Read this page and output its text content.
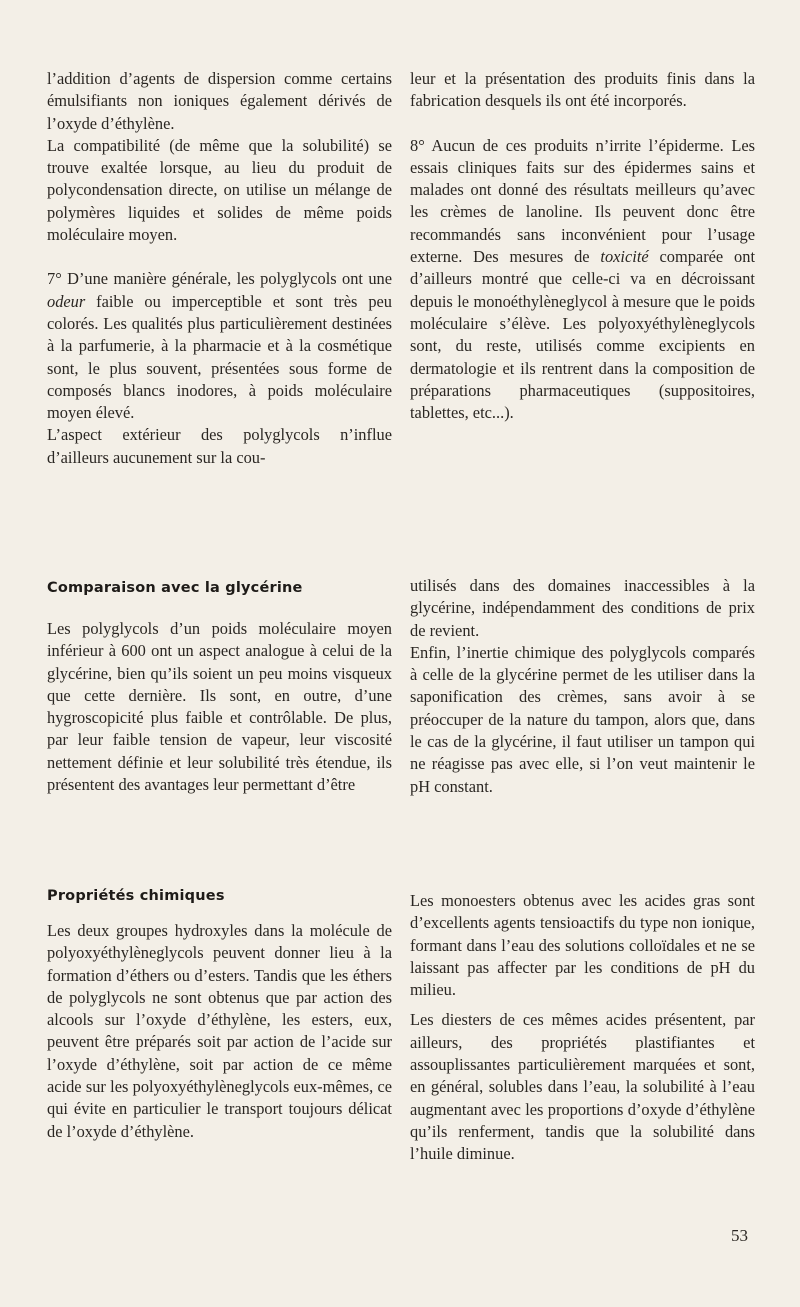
l’addition d’agents de dispersion comme certains émulsifiants non ioniques également dérivés de l’oxyde d’éthylène.

La compatibilité (de même que la solubilité) se trouve exaltée lorsque, au lieu du produit de polycondensation directe, on utilise un mélange de polymères liquides et solides de même poids moléculaire moyen.

7° D’une manière générale, les polyglycols ont une odeur faible ou imperceptible et sont très peu colorés. Les qualités plus particulièrement destinées à la parfumerie, à la pharmacie et à la cosmétique sont, le plus souvent, présentées sous forme de composés blancs inodores, à poids moléculaire moyen élevé.

L’aspect extérieur des polyglycols n’influe d’ailleurs aucunement sur la cou-

leur et la présentation des produits finis dans la fabrication desquels ils ont été incorporés.

8° Aucun de ces produits n’irrite l’épiderme. Les essais cliniques faits sur des épidermes sains et malades ont donné des résultats meilleurs qu’avec les crèmes de lanoline. Ils peuvent donc être recommandés sans inconvénient pour l’usage externe. Des mesures de toxicité comparée ont d’ailleurs montré que celle-ci va en décroissant depuis le monoéthylèneglycol à mesure que le poids moléculaire s’élève. Les polyoxyéthylèneglycols sont, du reste, utilisés comme excipients en dermatologie et ils rentrent dans la composition de préparations pharmaceutiques (suppositoires, tablettes, etc...).

Comparaison avec la glycérine

Les polyglycols d’un poids moléculaire moyen inférieur à 600 ont un aspect analogue à celui de la glycérine, bien qu’ils soient un peu moins visqueux que cette dernière. Ils sont, en outre, d’une hygroscopicité plus faible et contrôlable. De plus, par leur faible tension de vapeur, leur viscosité nettement définie et leur solubilité très étendue, ils présentent des avantages leur permettant d’être

utilisés dans des domaines inaccessibles à la glycérine, indépendamment des conditions de prix de revient.

Enfin, l’inertie chimique des polyglycols comparés à celle de la glycérine permet de les utiliser dans la saponification des crèmes, sans avoir à se préoccuper de la nature du tampon, alors que, dans le cas de la glycérine, il faut utiliser un tampon qui ne réagisse pas avec elle, si l’on veut maintenir le pH constant.

Propriétés chimiques

Les deux groupes hydroxyles dans la molécule de polyoxyéthylèneglycols peuvent donner lieu à la formation d’éthers ou d’esters. Tandis que les éthers de polyglycols ne sont obtenus que par action des alcools sur l’oxyde d’éthylène, les esters, eux, peuvent être préparés soit par action de l’acide sur l’oxyde d’éthylène, soit par action de ce même acide sur les polyoxyéthylèneglycols eux-mêmes, ce qui évite en particulier le transport toujours délicat de l’oxyde d’éthylène.

Les monoesters obtenus avec les acides gras sont d’excellents agents tensioactifs du type non ionique, formant dans l’eau des solutions colloïdales et ne se laissant pas affecter par les conditions de pH du milieu.

Les diesters de ces mêmes acides présentent, par ailleurs, des propriétés plastifiantes et assouplissantes particulièrement marquées et sont, en général, solubles dans l’eau, la solubilité à l’eau augmentant avec les proportions d’oxyde d’éthylène qu’ils renferment, tandis que la solubilité dans l’huile diminue.

53
